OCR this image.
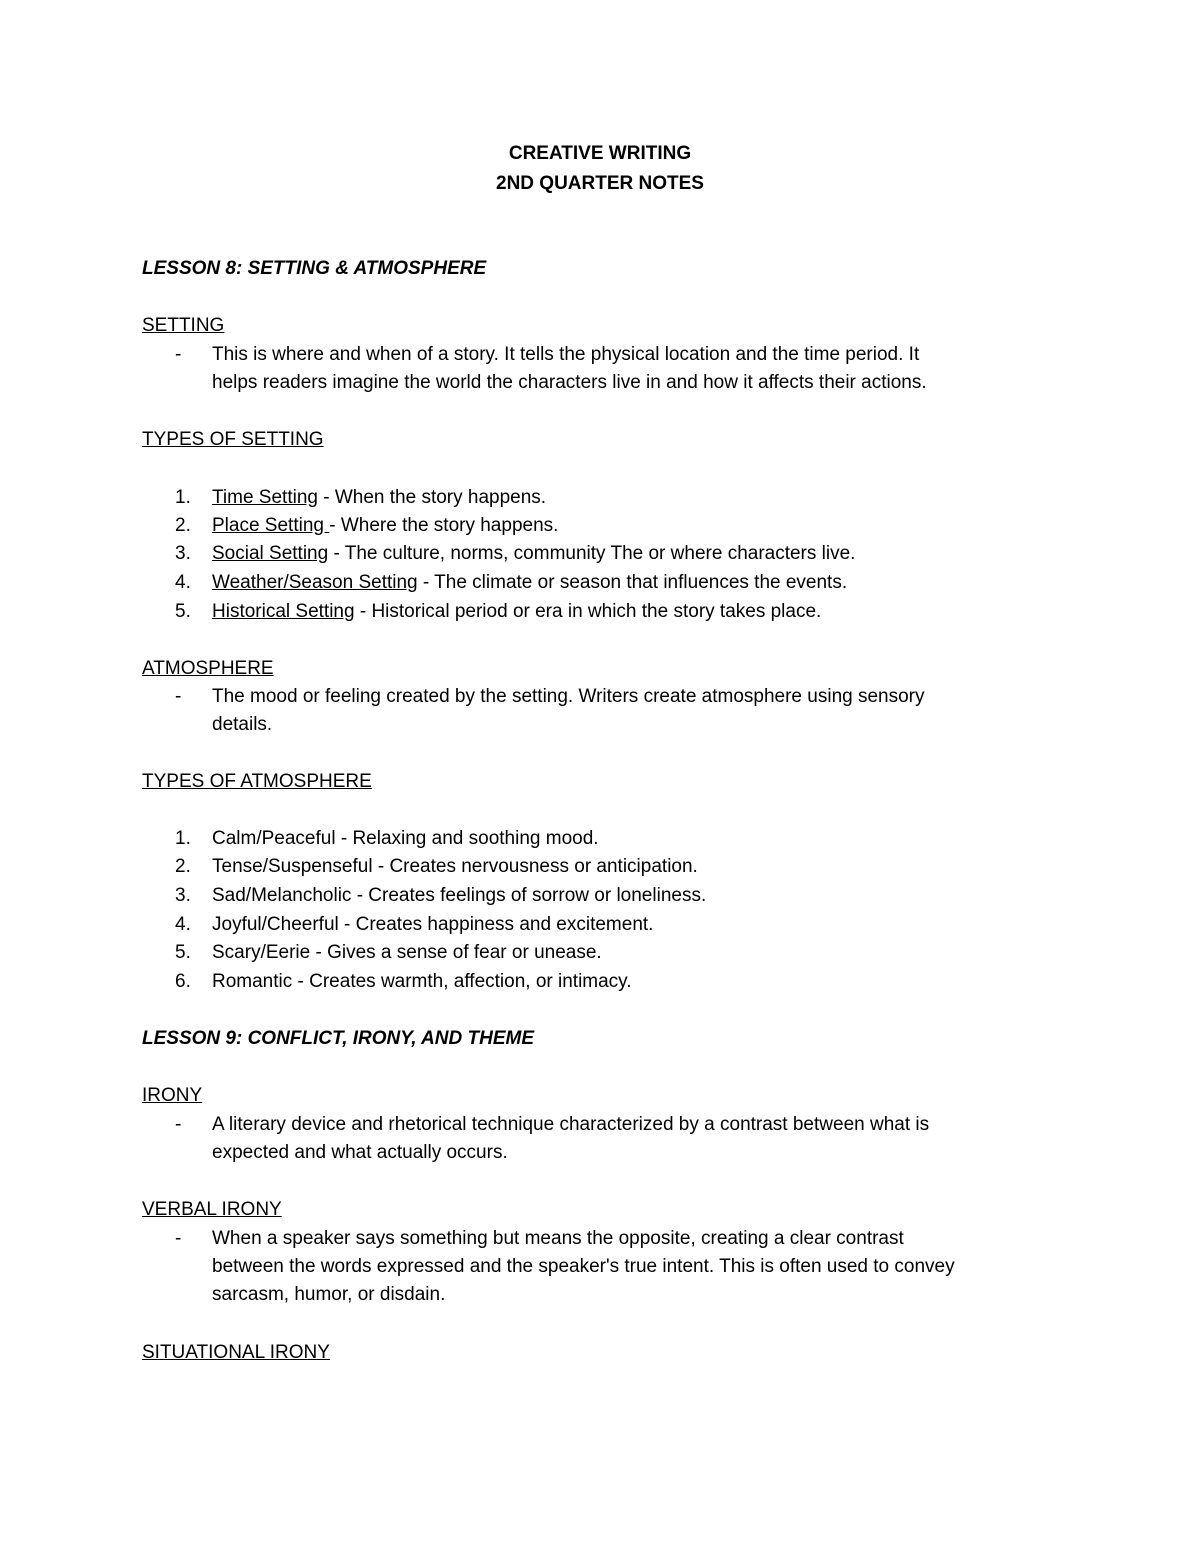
CREATIVE WRITING
2ND QUARTER NOTES
LESSON 8: SETTING & ATMOSPHERE
SETTING
- This is where and when of a story. It tells the physical location and the time period. It
helps readers imagine the world the characters live in and how it affects their actions.
TYPES OF SETTING
1. Time Setting - When the story happens.
2. Place Setting - Where the story happens.
3. Social Setting - The culture, norms, community The or where characters live.
4. Weather/Season Setting - The climate or season that influences the events.
5. Historical Setting - Historical period or era in which the story takes place.
ATMOSPHERE
- The mood or feeling created by the setting. Writers create atmosphere using sensory
details.
TYPES OF ATMOSPHERE
1. Calm/Peaceful - Relaxing and soothing mood.
2. Tense/Suspenseful - Creates nervousness or anticipation.
3. Sad/Melancholic - Creates feelings of sorrow or loneliness.
4. Joyful/Cheerful - Creates happiness and excitement.
5. Scary/Eerie - Gives a sense of fear or unease.
6. Romantic - Creates warmth, affection, or intimacy.
LESSON 9: CONFLICT, IRONY, AND THEME
IRONY
- A literary device and rhetorical technique characterized by a contrast between what is
expected and what actually occurs.
VERBAL IRONY
- When a speaker says something but means the opposite, creating a clear contrast
between the words expressed and the speaker's true intent. This is often used to convey
sarcasm, humor, or disdain.
SITUATIONAL IRONY
